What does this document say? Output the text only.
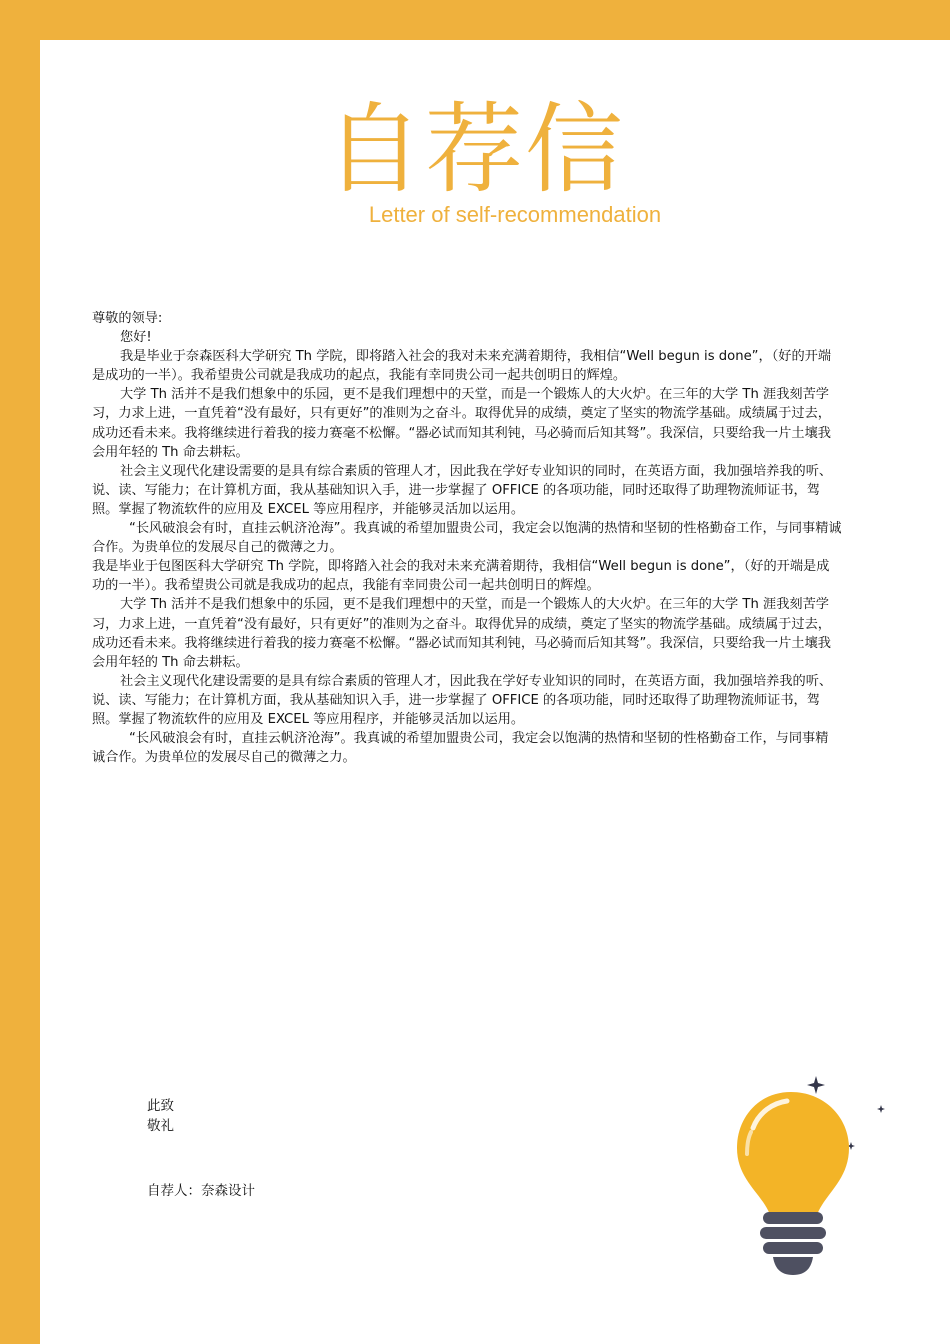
自荐信
Letter of self-recommendation

尊敬的领导:

您好!

我是毕业于奈森医科大学研究 Th 学院，即将踏入社会的我对未来充满着期待，我相信“Well begun is done”，（好的开端是成功的一半）。我希望贵公司就是我成功的起点，我能有幸同贵公司一起共创明日的辉煌。

大学 Th 活并不是我们想象中的乐园，更不是我们理想中的天堂，而是一个锻炼人的大火炉。在三年的大学 Th 涯我刻苦学习，力求上进，一直凭着“没有最好，只有更好”的准则为之奋斗。取得优异的成绩，奠定了坚实的物流学基础。成绩属于过去，成功还看未来。我将继续进行着我的接力赛毫不松懈。“器必试而知其利钝，马必骑而后知其驽”。我深信，只要给我一片土壤我会用年轻的 Th 命去耕耘。

社会主义现代化建设需要的是具有综合素质的管理人才，因此我在学好专业知识的同时，在英语方面，我加强培养我的听、说、读、写能力；在计算机方面，我从基础知识入手，进一步掌握了 OFFICE 的各项功能，同时还取得了助理物流师证书，驾照。掌握了物流软件的应用及 EXCEL 等应用程序，并能够灵活加以运用。

“长风破浪会有时，直挂云帆济沧海”。我真诚的希望加盟贵公司，我定会以饱满的热情和坚韧的性格勤奋工作，与同事精诚合作。为贵单位的发展尽自己的微薄之力。

我是毕业于包图医科大学研究 Th 学院，即将踏入社会的我对未来充满着期待，我相信“Well begun is done”，（好的开端是成功的一半）。我希望贵公司就是我成功的起点，我能有幸同贵公司一起共创明日的辉煌。

大学 Th 活并不是我们想象中的乐园，更不是我们理想中的天堂，而是一个锻炼人的大火炉。在三年的大学 Th 涯我刻苦学习，力求上进，一直凭着“没有最好，只有更好”的准则为之奋斗。取得优异的成绩，奠定了坚实的物流学基础。成绩属于过去，成功还看未来。我将继续进行着我的接力赛毫不松懈。“器必试而知其利钝，马必骑而后知其驽”。我深信，只要给我一片土壤我会用年轻的 Th 命去耕耘。

社会主义现代化建设需要的是具有综合素质的管理人才，因此我在学好专业知识的同时，在英语方面，我加强培养我的听、说、读、写能力；在计算机方面，我从基础知识入手，进一步掌握了 OFFICE 的各项功能，同时还取得了助理物流师证书，驾照。掌握了物流软件的应用及 EXCEL 等应用程序，并能够灵活加以运用。

“长风破浪会有时，直挂云帆济沧海”。我真诚的希望加盟贵公司，我定会以饱满的热情和坚韧的性格勤奋工作，与同事精

诚合作。为贵单位的发展尽自己的微薄之力。

此致

敬礼

自荐人：奈森设计
